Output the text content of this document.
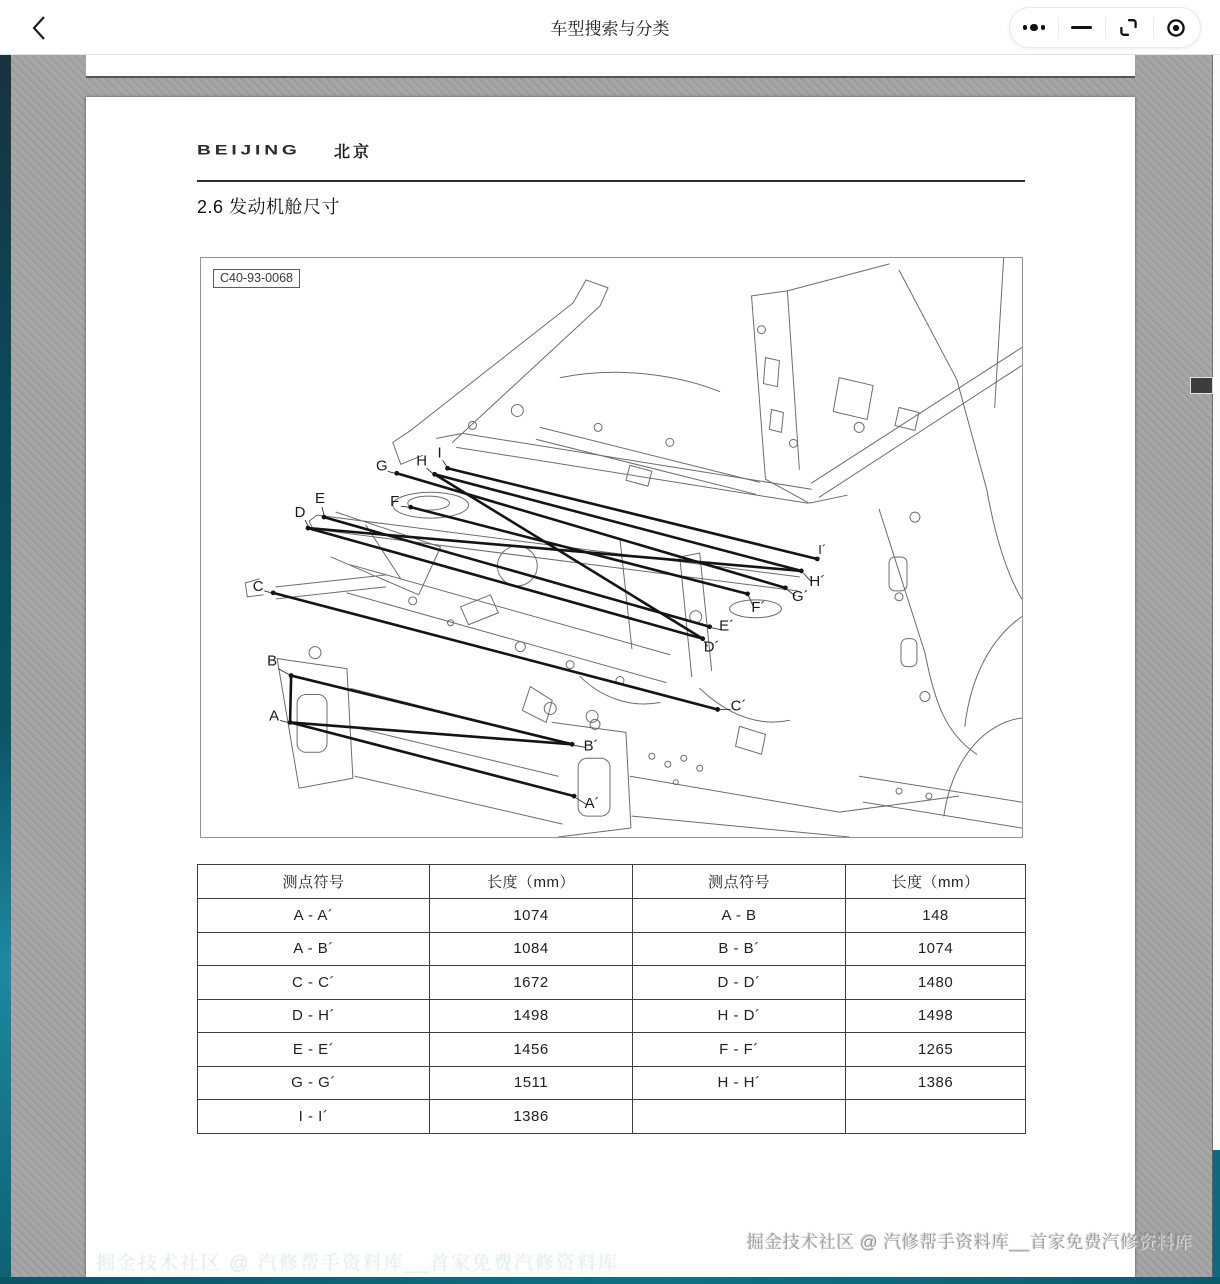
车型搜索与分类
BEIJING 北京
2.6 发动机舱尺寸
G H I
E	F
D
C
B
A
H´
G´
F´
E´
D´
C´
B´
A´
I´
C40-93-0068
测点符号	长度（mm）	测点符号	长度（mm）
A - A´	1074	A - B	148
A - B´	1084	B - B´	1074
C - C´	1672	D - D´	1480
D - H´	1498	H - D´	1498
E - E´	1456	F - F´	1265
G - G´	1511	H - H´	1386
I - I´	1386		
掘金技术社区 @ 汽修帮手资料库__首家免费汽修资料库
掘金技术社区 @ 汽修帮手资料库__首家免费汽修资料库
